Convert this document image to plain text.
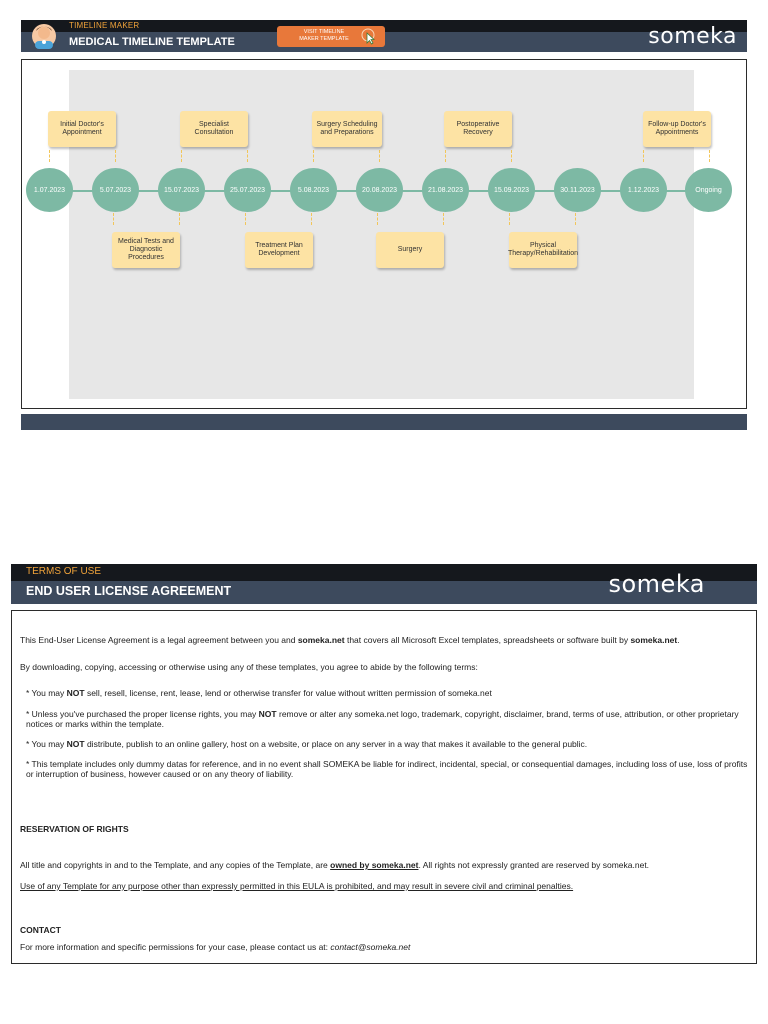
TIMELINE MAKER
MEDICAL TIMELINE TEMPLATE
VISIT TIMELINE MAKER TEMPLATE	someka
Initial Doctor's Appointment
Specialist Consultation
Surgery Scheduling and Preparations
Postoperative Recovery
Follow-up Doctor's Appointments
Medical Tests and Diagnostic Procedures
Treatment Plan Development
Surgery
Physical Therapy/Rehabilitation
1.07.2023	5.07.2023	15.07.2023	25.07.2023	5.08.2023	20.08.2023	21.08.2023	15.09.2023	30.11.2023	1.12.2023	Ongoing
TERMS OF USE
END USER LICENSE AGREEMENT	someka

This End-User License Agreement is a legal agreement between you and someka.net that covers all Microsoft Excel templates, spreadsheets or software built by someka.net.

By downloading, copying, accessing or otherwise using any of these templates, you agree to abide by the following terms:

* You may NOT sell, resell, license, rent, lease, lend or otherwise transfer for value without written permission of someka.net

* Unless you've purchased the proper license rights, you may NOT remove or alter any someka.net logo, trademark, copyright, disclaimer, brand, terms of use, attribution, or other proprietary notices or marks within the template.

* You may NOT distribute, publish to an online gallery, host on a website, or place on any server in a way that makes it available to the general public.

* This template includes only dummy datas for reference, and in no event shall SOMEKA be liable for indirect, incidental, special, or consequential damages, including loss of use, loss of profits or interruption of business, however caused or on any theory of liability.

RESERVATION OF RIGHTS

All title and copyrights in and to the Template, and any copies of the Template, are owned by someka.net. All rights not expressly granted are reserved by someka.net.

Use of any Template for any purpose other than expressly permitted in this EULA is prohibited, and may result in severe civil and criminal penalties.

CONTACT

For more information and specific permissions for your case, please contact us at: contact@someka.net
